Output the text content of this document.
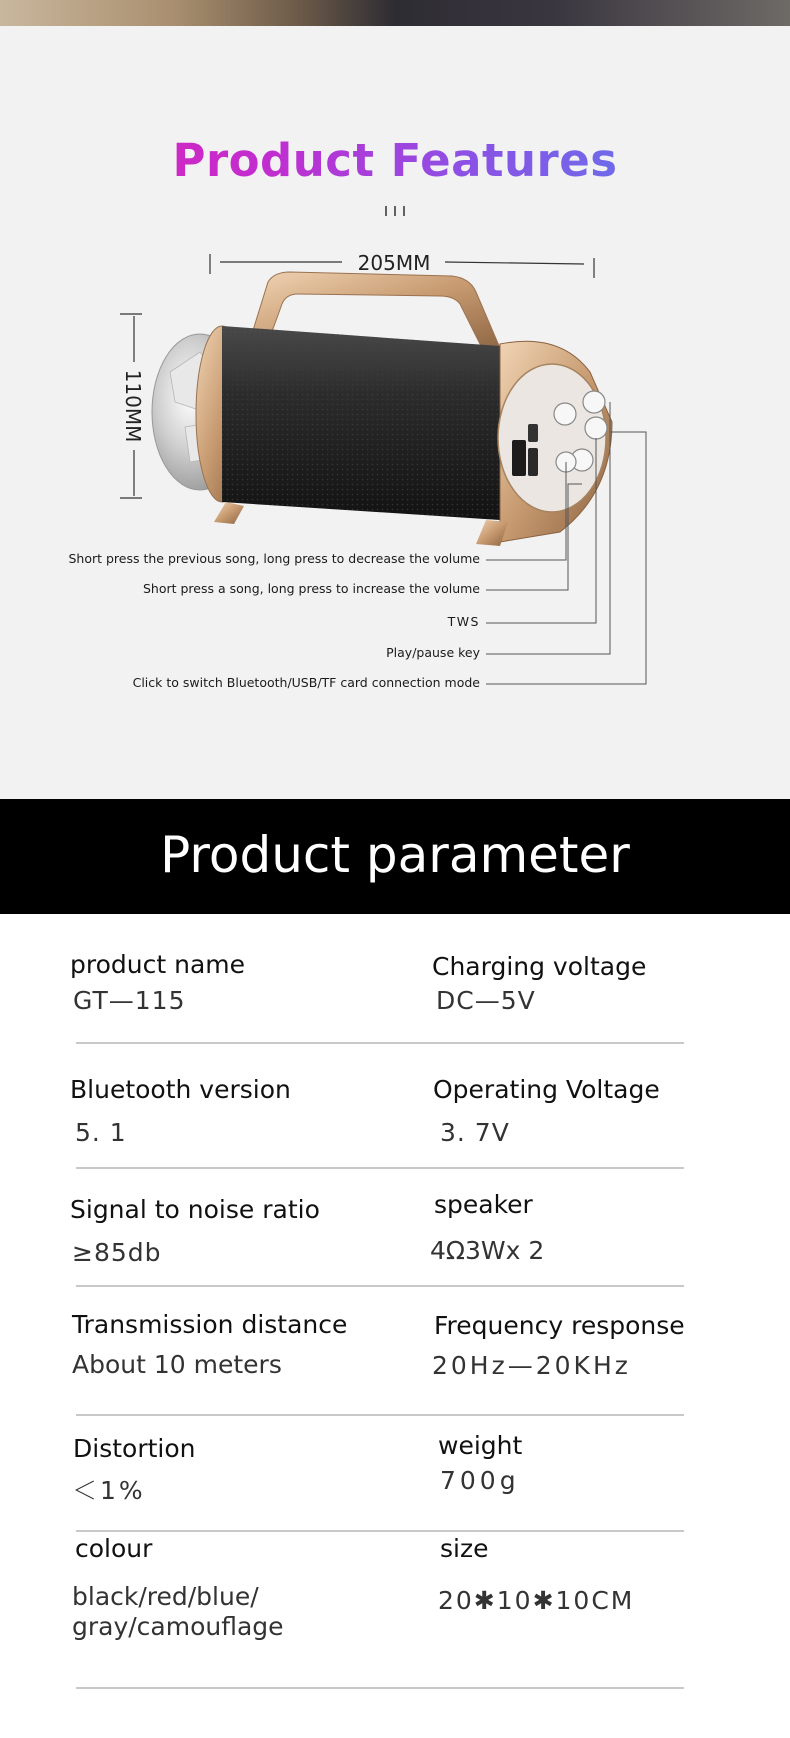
Product Features
205MM
110MM
Short press the previous song, long press to decrease the volume
Short press a song, long press to increase the volume
TWS
Play/pause key
Click to switch Bluetooth/USB/TF card connection mode
Product parameter
product name
GT—115
Charging voltage
DC—5V
Bluetooth version
5. 1
Operating Voltage
3. 7V
Signal to noise ratio
≥85db
speaker
4Ω3Wx 2
Transmission distance
About 10 meters
Frequency response
20Hz—20KHz
Distortion
＜1%
weight
700g
colour
black/red/blue/
gray/camouflage
size
20✱10✱10CM
